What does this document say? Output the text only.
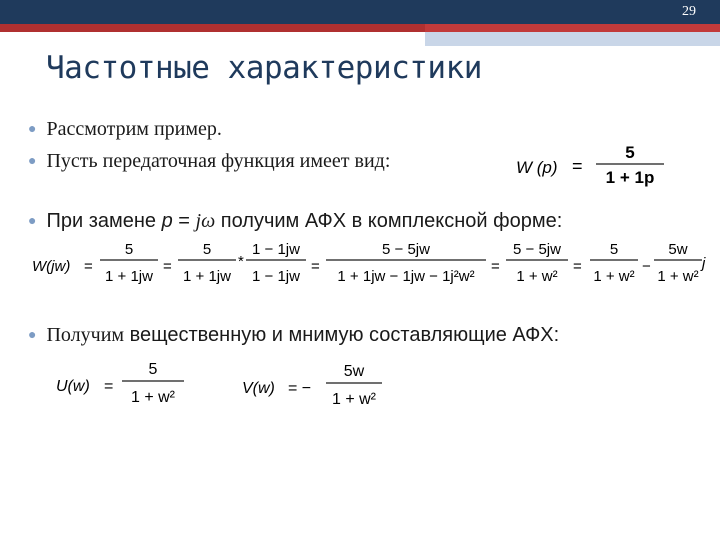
29
Частотные характеристики
● Рассмотрим пример.
● Пусть передаточная функция имеет вид:	W (p) =
5
1 + 1p
● При замене p = jω получим АФХ в комплексной форме:
W(jw) =
5
1 + 1jw
=
5
1 + 1jw
*
1 − 1jw
1 − 1jw
=
5 − 5jw
1 + 1jw − 1jw − 1j²w²
=
5 − 5jw
1 + w²
=
5
1 + w²
−
5w
1 + w²
j
● Получим вещественную и мнимую составляющие АФХ:
U(w) =
5
1 + w²
V(w) = −
5w
1 + w²
